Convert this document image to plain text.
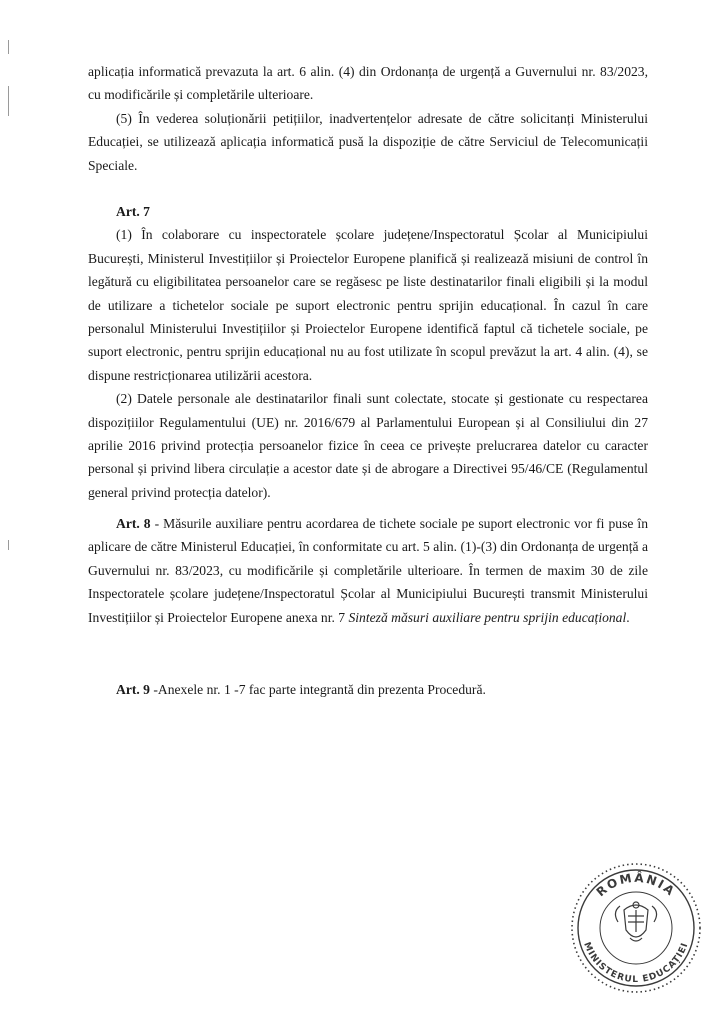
aplicația informatică prevazuta la art. 6 alin. (4) din Ordonanța de urgență a Guvernului nr. 83/2023, cu modificările și completările ulterioare.

(5) În vederea soluționării petițiilor, inadvertențelor adresate de către solicitanți Ministerului Educației, se utilizează aplicația informatică pusă la dispoziție de către Serviciul de Telecomunicații Speciale.

Art. 7

(1) În colaborare cu inspectoratele școlare județene/Inspectoratul Școlar al Municipiului București, Ministerul Investițiilor și Proiectelor Europene planifică și realizează misiuni de control în legătură cu eligibilitatea persoanelor care se regăsesc pe liste destinatarilor finali eligibili și la modul de utilizare a tichetelor sociale pe suport electronic pentru sprijin educațional. În cazul în care personalul Ministerului Investițiilor și Proiectelor Europene identifică faptul că tichetele sociale, pe suport electronic, pentru sprijin educațional nu au fost utilizate în scopul prevăzut la art. 4 alin. (4), se dispune restricționarea utilizării acestora.

(2) Datele personale ale destinatarilor finali sunt colectate, stocate și gestionate cu respectarea dispozițiilor Regulamentului (UE) nr. 2016/679 al Parlamentului European și al Consiliului din 27 aprilie 2016 privind protecția persoanelor fizice în ceea ce privește prelucrarea datelor cu caracter personal și privind libera circulație a acestor date și de abrogare a Directivei 95/46/CE (Regulamentul general privind protecția datelor).

Art. 8 - Măsurile auxiliare pentru acordarea de tichete sociale pe suport electronic vor fi puse în aplicare de către Ministerul Educației, în conformitate cu art. 5 alin. (1)-(3) din Ordonanța de urgență a Guvernului nr. 83/2023, cu modificările și completările ulterioare. În termen de maxim 30 de zile Inspectoratele școlare județene/Inspectoratul Școlar al Municipiului București transmit Ministerului Investițiilor și Proiectelor Europene anexa nr. 7 Sinteză măsuri auxiliare pentru sprijin educațional.

Art. 9 -Anexele nr. 1 -7 fac parte integrantă din prezenta Procedură.

ROMÂNIA
MINISTERUL EDUCAȚIEI
